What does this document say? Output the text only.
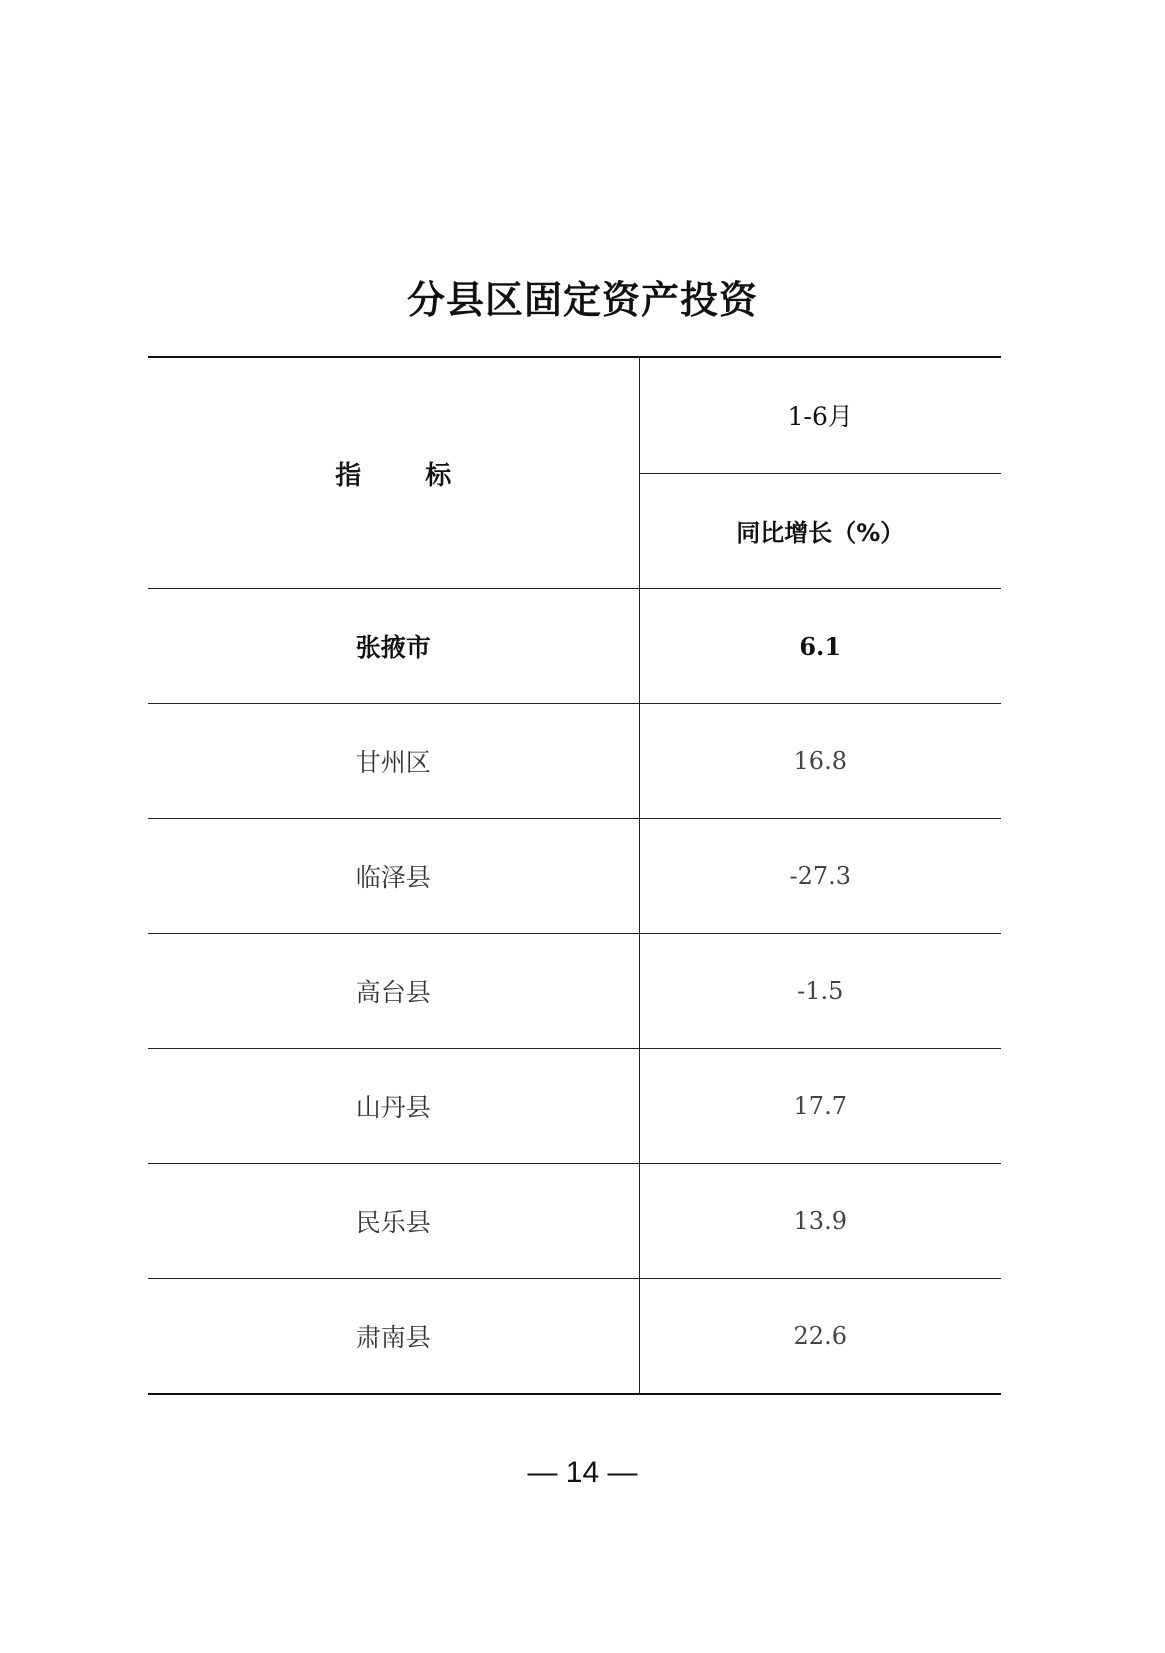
分县区固定资产投资
指 标	1-6月
	同比增长（%）
张掖市	6.1
甘州区	16.8
临泽县	-27.3
高台县	-1.5
山丹县	17.7
民乐县	13.9
肃南县	22.6
— 14 —
